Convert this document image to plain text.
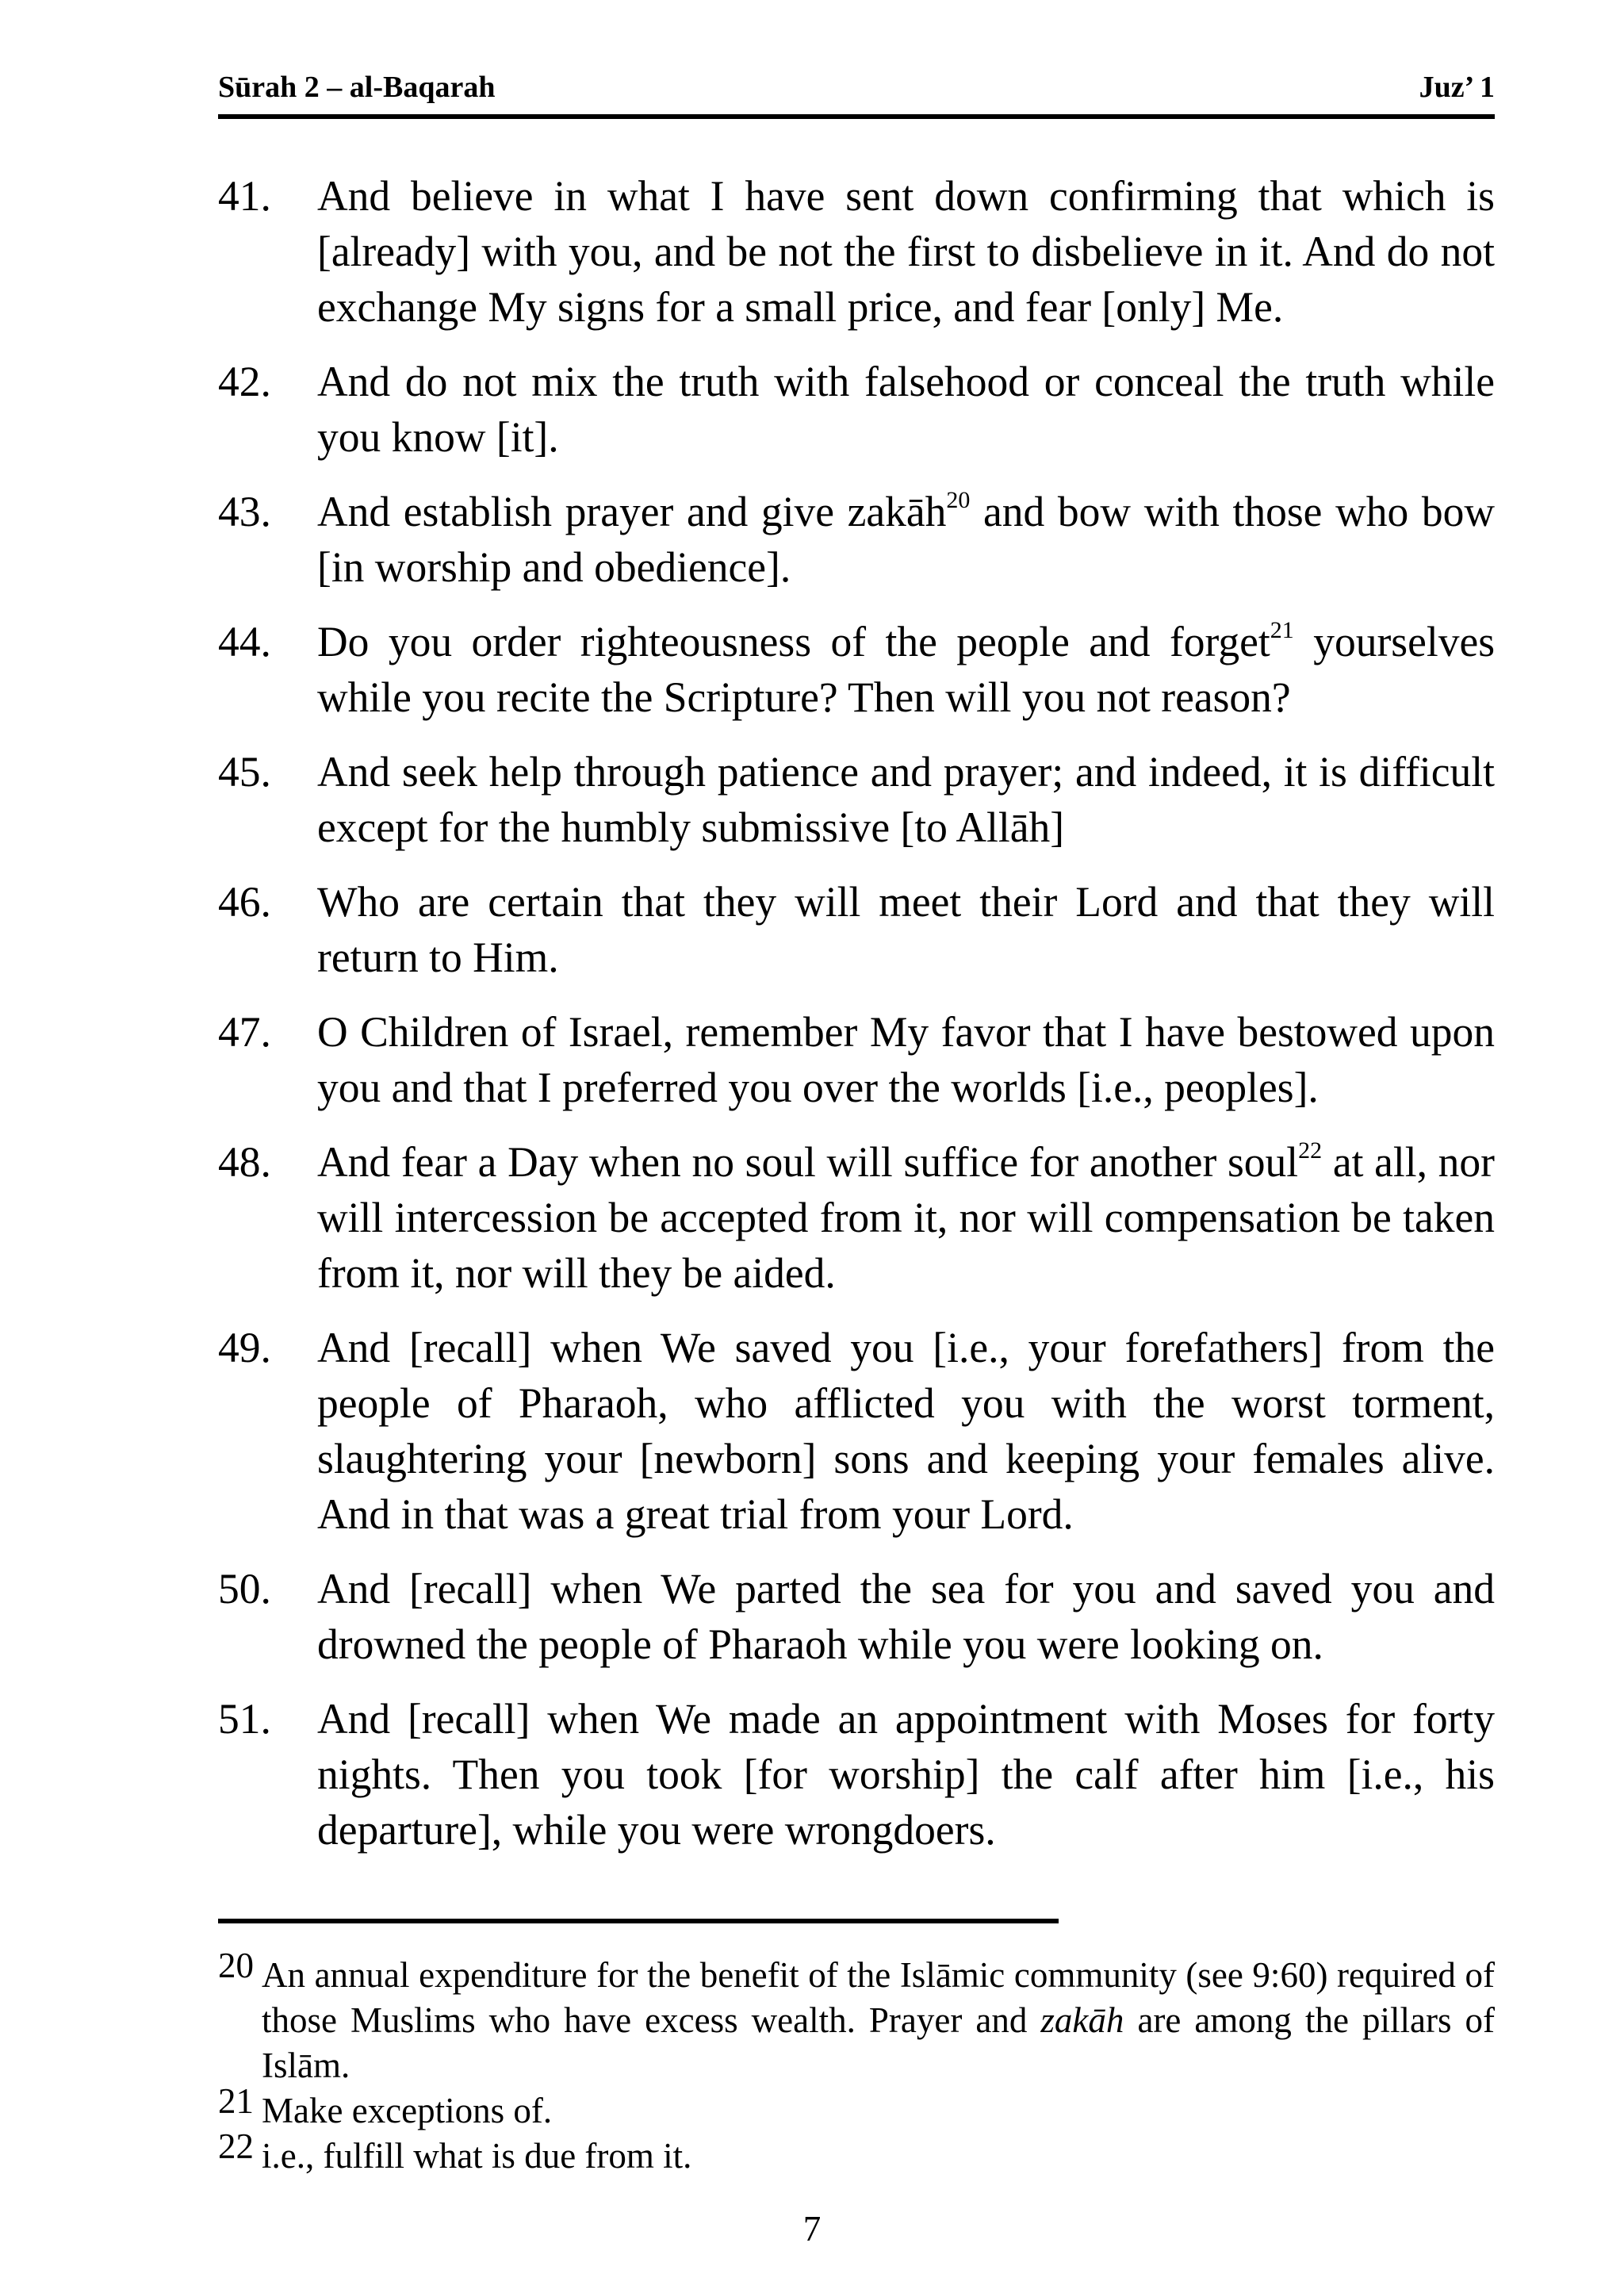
Sūrah 2 – al-Baqarah	Juz’ 1
41. And believe in what I have sent down confirming that which is [already] with you, and be not the first to disbelieve in it. And do not exchange My signs for a small price, and fear [only] Me.
42. And do not mix the truth with falsehood or conceal the truth while you know [it].
43. And establish prayer and give zakāh$^{20}$ and bow with those who bow [in worship and obedience].
44. Do you order righteousness of the people and forget$^{21}$ yourselves while you recite the Scripture? Then will you not reason?
45. And seek help through patience and prayer; and indeed, it is difficult except for the humbly submissive [to Allāh]
46. Who are certain that they will meet their Lord and that they will return to Him.
47. O Children of Israel, remember My favor that I have bestowed upon you and that I preferred you over the worlds [i.e., peoples].
48. And fear a Day when no soul will suffice for another soul$^{22}$ at all, nor will intercession be accepted from it, nor will compensation be taken from it, nor will they be aided.
49. And [recall] when We saved you [i.e., your forefathers] from the people of Pharaoh, who afflicted you with the worst torment, slaughtering your [newborn] sons and keeping your females alive. And in that was a great trial from your Lord.
50. And [recall] when We parted the sea for you and saved you and drowned the people of Pharaoh while you were looking on.
51. And [recall] when We made an appointment with Moses for forty nights. Then you took [for worship] the calf after him [i.e., his departure], while you were wrongdoers.
20 An annual expenditure for the benefit of the Islāmic community (see 9:60) required of those Muslims who have excess wealth. Prayer and zakāh are among the pillars of Islām.
21 Make exceptions of.
22 i.e., fulfill what is due from it.
7
